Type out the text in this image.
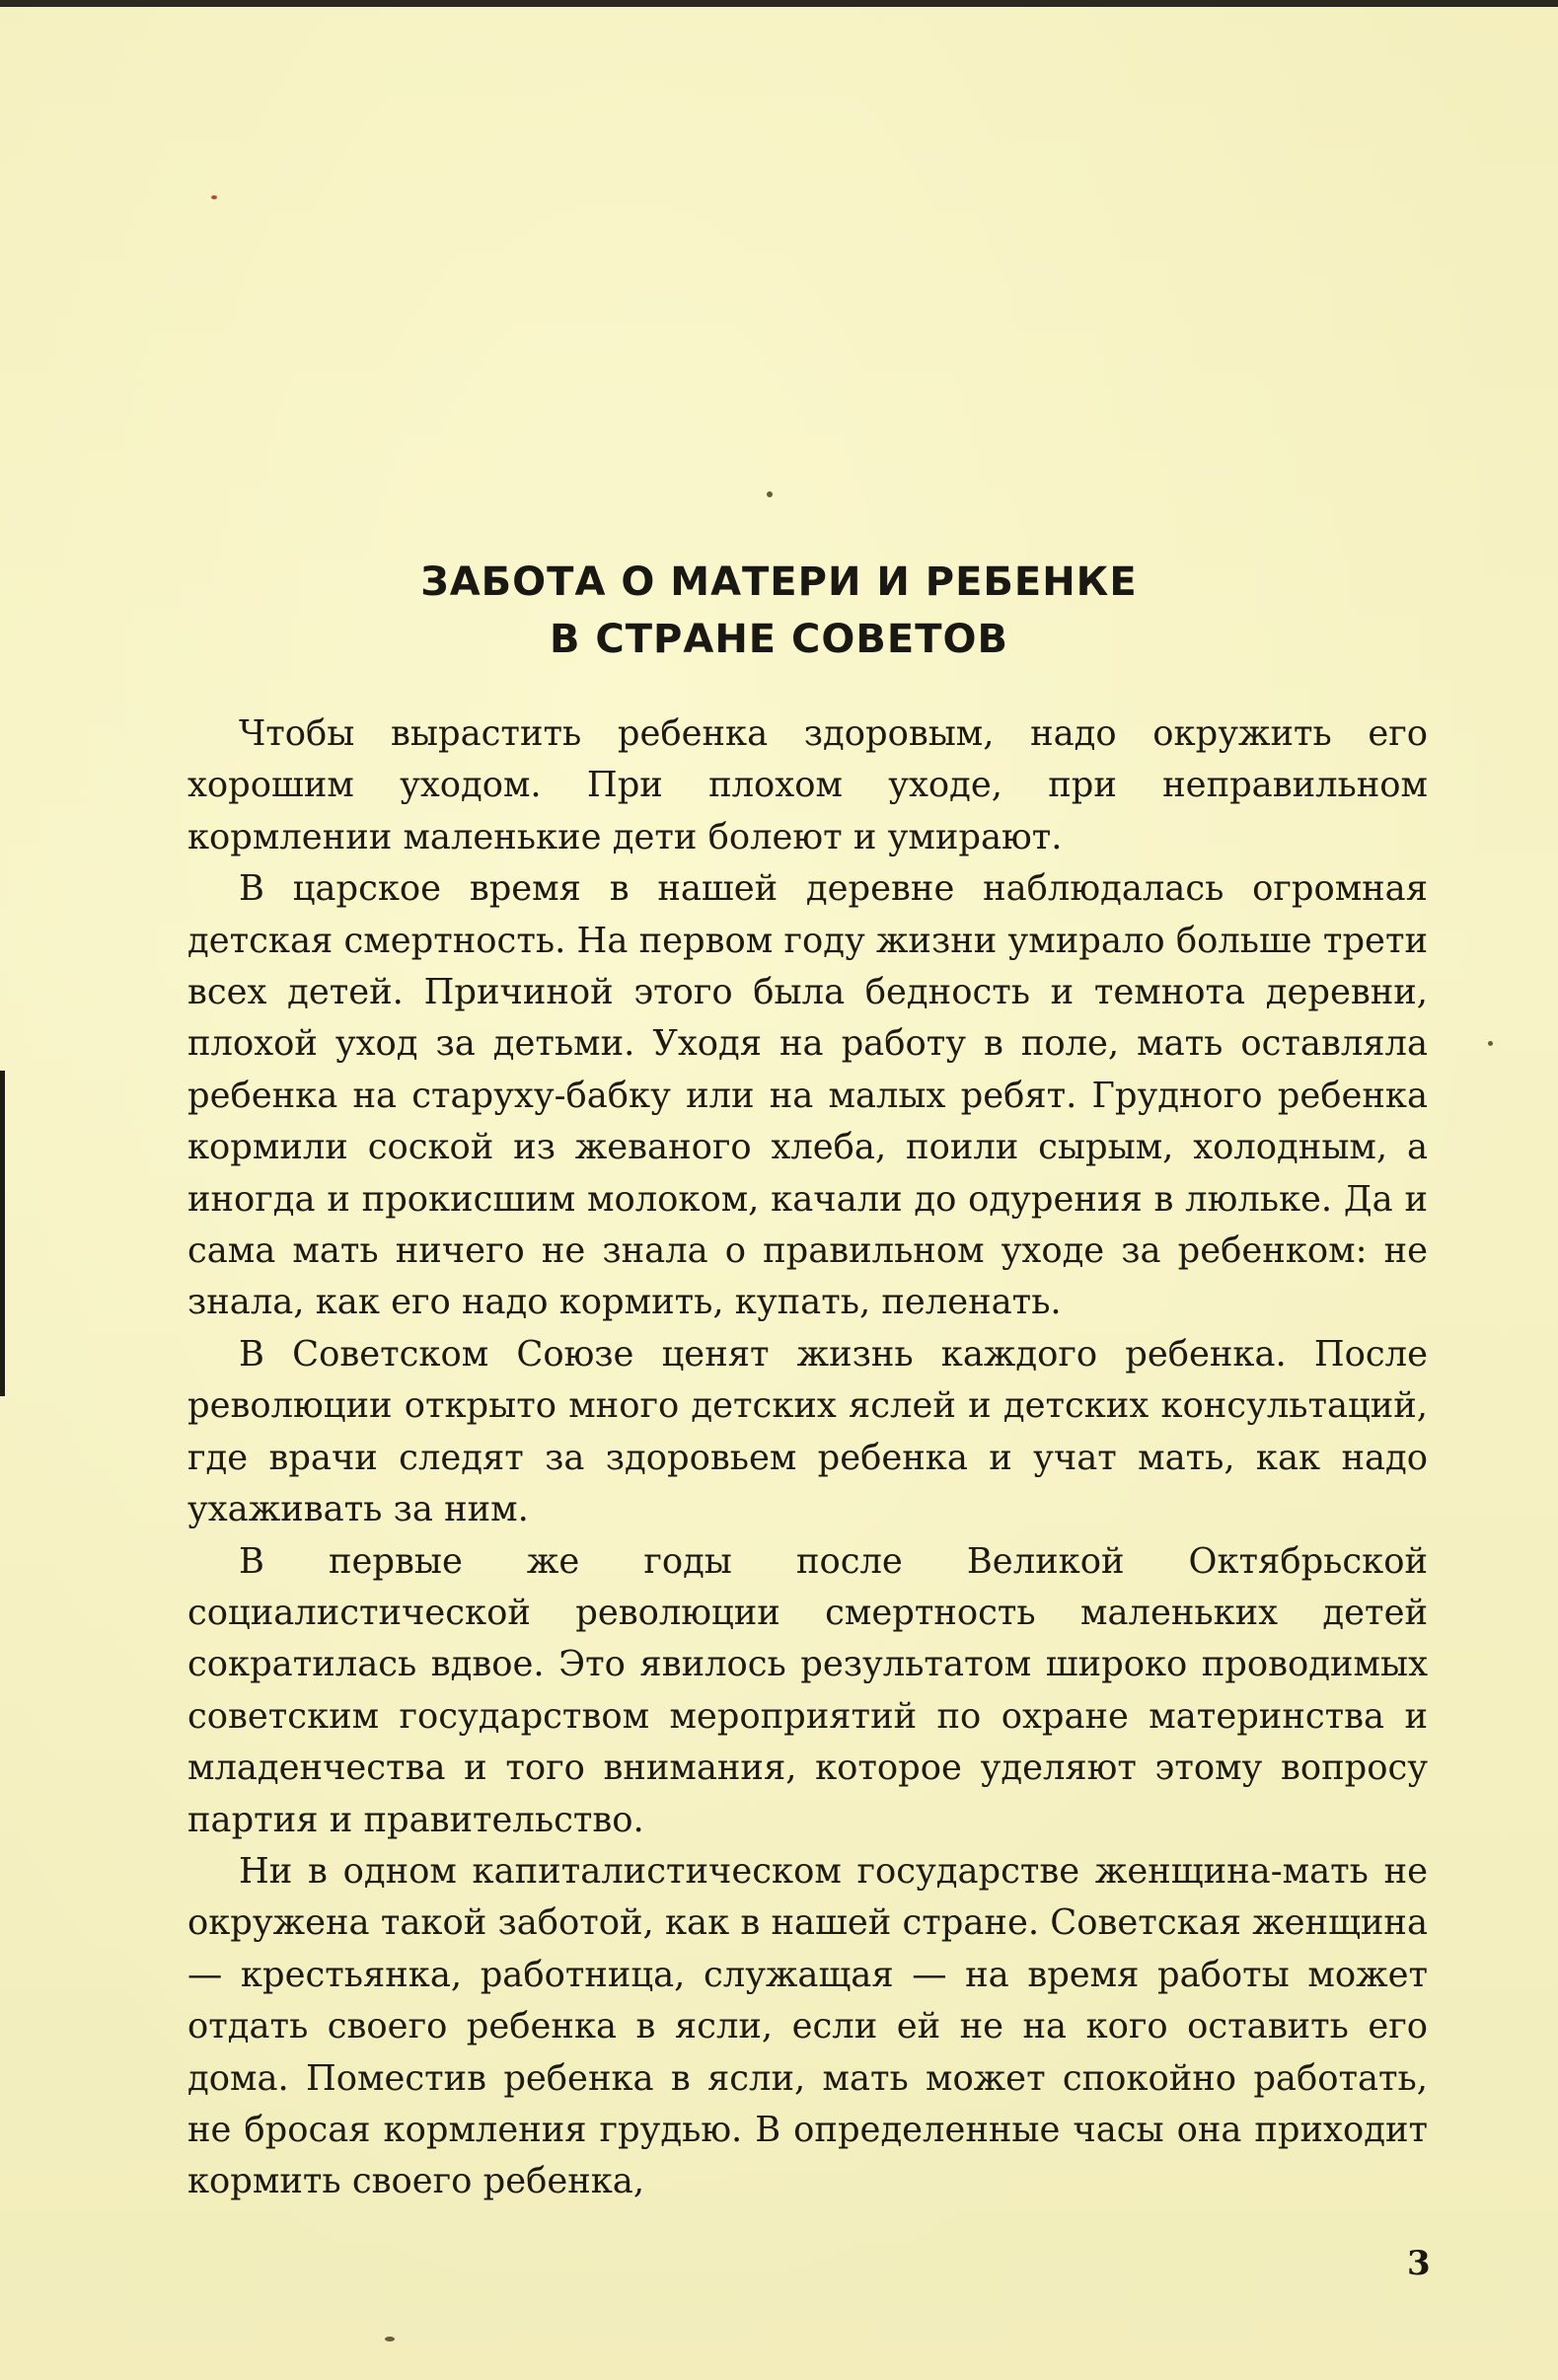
ЗАБОТА О МАТЕРИ И РЕБЕНКЕ
В СТРАНЕ СОВЕТОВ

Чтобы вырастить ребенка здоровым, надо окружить его хорошим уходом. При плохом уходе, при неправильном кормлении маленькие дети болеют и умирают.

В царское время в нашей деревне наблюдалась огромная детская смертность. На первом году жизни умирало больше трети всех детей. Причиной этого была бедность и темнота деревни, плохой уход за детьми. Уходя на работу в поле, мать оставляла ребенка на старуху-бабку или на малых ребят. Грудного ребенка кормили соской из жеваного хлеба, поили сырым, холодным, а иногда и прокисшим молоком, качали до одурения в люльке. Да и сама мать ничего не знала о правильном уходе за ребенком: не знала, как его надо кормить, купать, пеленать.

В Советском Союзе ценят жизнь каждого ребенка. После революции открыто много детских яслей и детских консультаций, где врачи следят за здоровьем ребенка и учат мать, как надо ухаживать за ним.

В первые же годы после Великой Октябрьской социалистической революции смертность маленьких детей сократилась вдвое. Это явилось результатом широко проводимых советским государством мероприятий по охране материнства и младенчества и того внимания, которое уделяют этому вопросу партия и правительство.

Ни в одном капиталистическом государстве женщина-мать не окружена такой заботой, как в нашей стране. Советская женщина — крестьянка, работница, служащая — на время работы может отдать своего ребенка в ясли, если ей не на кого оставить его дома. Поместив ребенка в ясли, мать может спокойно работать, не бросая кормления грудью. В определенные часы она приходит кормить своего ребенка,

3
